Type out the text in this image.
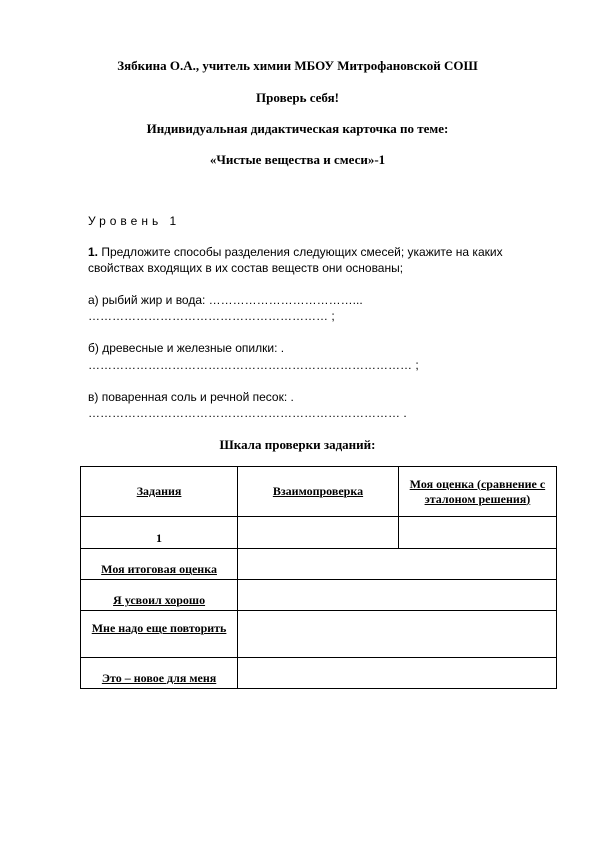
Зябкина О.А., учитель химии МБОУ Митрофановской СОШ
Проверь себя!
Индивидуальная дидактическая карточка по теме:
«Чистые вещества и смеси»-1
Уровень 1
1. Предложите способы разделения следующих смесей; укажите на каких
свойствах входящих в их состав веществ они основаны;
а) рыбий жир и вода: ………………………………...
…………………………………………………… ;
б) древесные и железные опилки: .
……………………………………………………………………… ;
в) поваренная соль и речной песок: .
…………………………………………………………………… .
Шкала проверки заданий:
Задания	Взаимопроверка	Моя оценка (сравнение с эталоном решения)
1		
Моя итоговая оценка		
Я усвоил хорошо		
Мне надо еще повторить		
Это – новое для меня		
